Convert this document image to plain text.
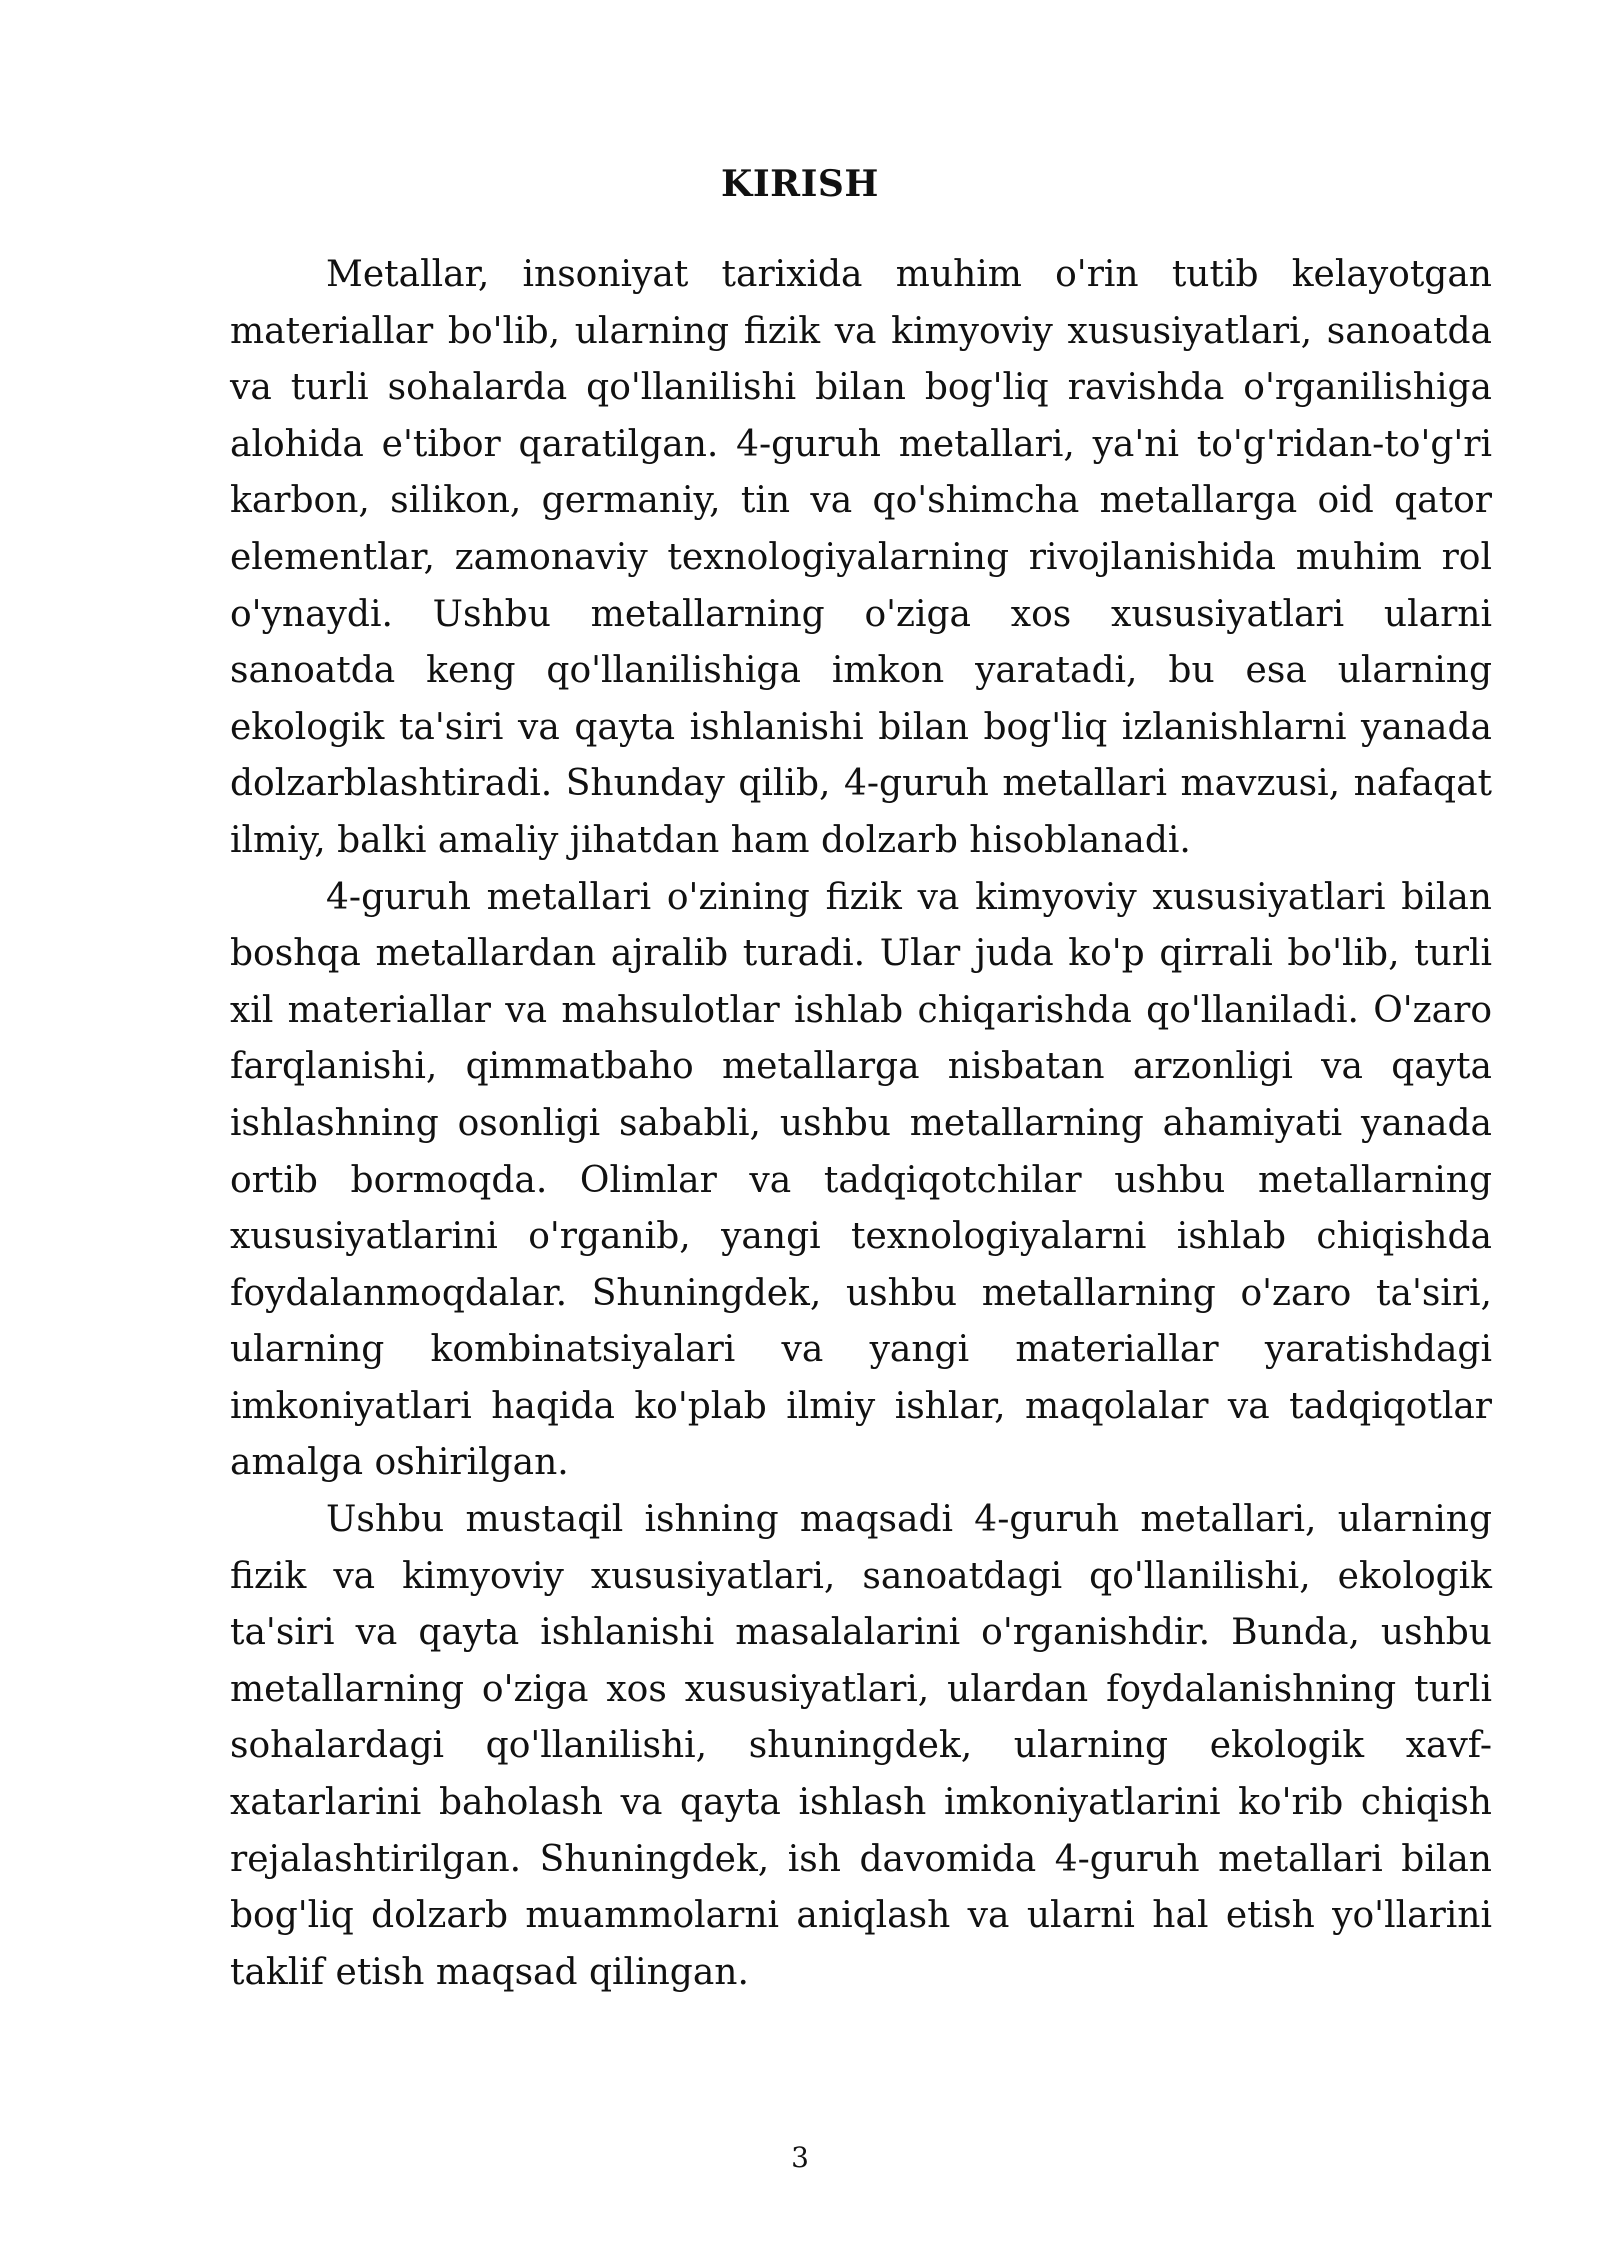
KIRISH

Metallar, insoniyat tarixida muhim o'rin tutib kelayotgan materiallar bo'lib, ularning fizik va kimyoviy xususiyatlari, sanoatda va turli sohalarda qo'llanilishi bilan bog'liq ravishda o'rganilishiga alohida e'tibor qaratilgan. 4-guruh metallari, ya'ni to'g'ridan-to'g'ri karbon, silikon, germaniy, tin va qo'shimcha metallarga oid qator elementlar, zamonaviy texnologiyalarning rivojlanishida muhim rol o'ynaydi. Ushbu metallarning o'ziga xos xususiyatlari ularni sanoatda keng qo'llanilishiga imkon yaratadi, bu esa ularning ekologik ta'siri va qayta ishlanishi bilan bog'liq izlanishlarni yanada dolzarblashtiradi. Shunday qilib, 4-guruh metallari mavzusi, nafaqat ilmiy, balki amaliy jihatdan ham dolzarb hisoblanadi.

4-guruh metallari o'zining fizik va kimyoviy xususiyatlari bilan boshqa metallardan ajralib turadi. Ular juda ko'p qirrali bo'lib, turli xil materiallar va mahsulotlar ishlab chiqarishda qo'llaniladi. O'zaro farqlanishi, qimmatbaho metallarga nisbatan arzonligi va qayta ishlashning osonligi sababli, ushbu metallarning ahamiyati yanada ortib bormoqda. Olimlar va tadqiqotchilar ushbu metallarning xususiyatlarini o'rganib, yangi texnologiyalarni ishlab chiqishda foydalanmoqdalar. Shuningdek, ushbu metallarning o'zaro ta'siri, ularning kombinatsiyalari va yangi materiallar yaratishdagi imkoniyatlari haqida ko'plab ilmiy ishlar, maqolalar va tadqiqotlar amalga oshirilgan.

Ushbu mustaqil ishning maqsadi 4-guruh metallari, ularning fizik va kimyoviy xususiyatlari, sanoatdagi qo'llanilishi, ekologik ta'siri va qayta ishlanishi masalalarini o'rganishdir. Bunda, ushbu metallarning o'ziga xos xususiyatlari, ulardan foydalanishning turli sohalardagi qo'llanilishi, shuningdek, ularning ekologik xavf-xatarlarini baholash va qayta ishlash imkoniyatlarini ko'rib chiqish rejalashtirilgan. Shuningdek, ish davomida 4-guruh metallari bilan bog'liq dolzarb muammolarni aniqlash va ularni hal etish yo'llarini taklif etish maqsad qilingan.

3
